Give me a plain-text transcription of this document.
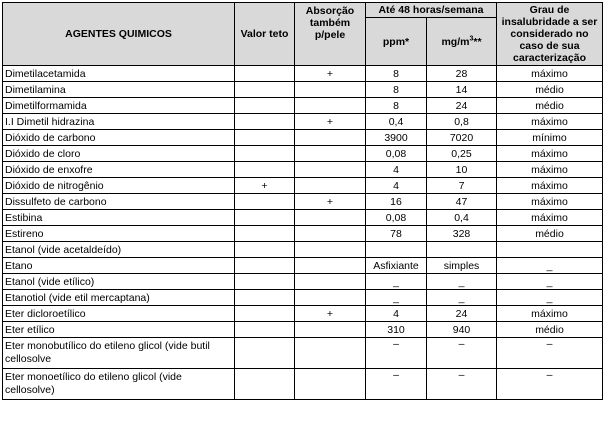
AGENTES QUIMICOS	Valor teto	Absorção também p/pele	Até 48 horas/semana		Grau de insalubridade a ser considerado no caso de sua caracterização
			ppm*	$mg/m^3**$	
Dimetilacetamida		+	8	28	máximo
Dimetilamina			8	14	médio
Dimetilformamida			8	24	médio
I.I Dimetil hidrazina		+	0,4	0,8	máximo
Dióxido de carbono			3900	7020	mínimo
Dióxido de cloro			0,08	0,25	máximo
Dióxido de enxofre			4	10	máximo
Dióxido de nitrogênio	+		4	7	máximo
Dissulfeto de carbono		+	16	47	máximo
Estibina			0,08	0,4	máximo
Estireno			78	328	médio
Etanol (vide acetaldeído)					
Etano			Asfixiante	simples	_
Etanol (vide etílico)			_	_	_
Etanotiol (vide etil mercaptana)			_	_	_
Eter dicloroetílico		+	4	24	máximo
Eter etílico			310	940	médio
Eter monobutílico do etileno glicol (vide butil cellosolve			–	–	–
Eter monoetílico do etileno glicol (vide cellosolve)			–	–	–
